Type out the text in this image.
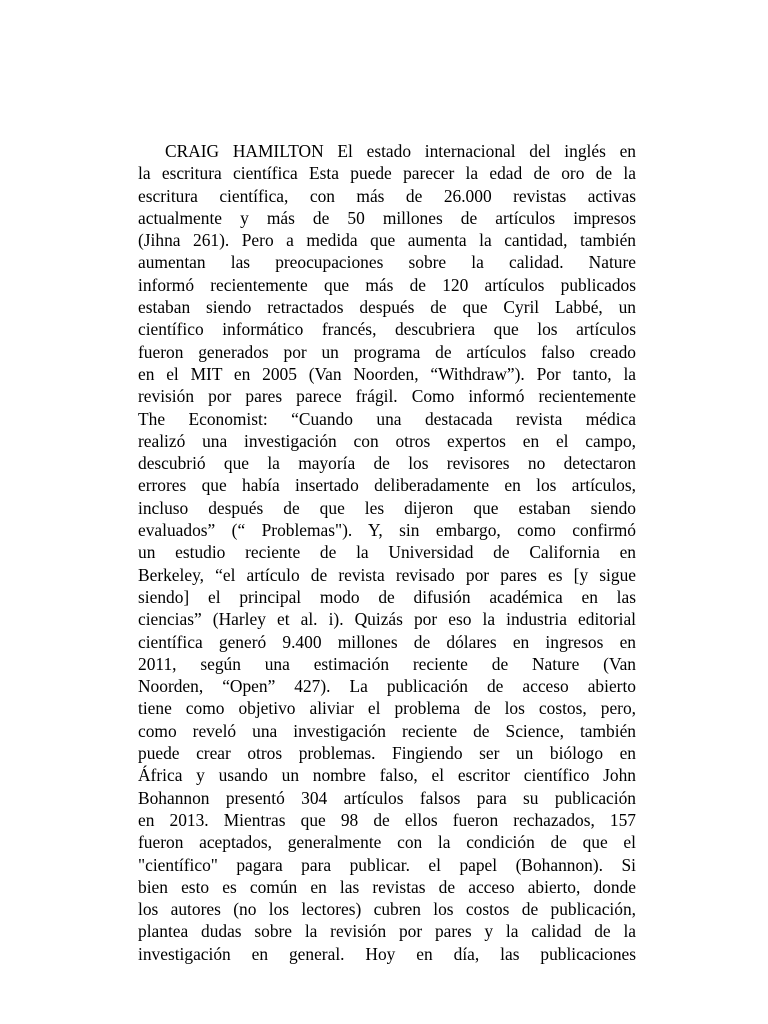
CRAIG HAMILTON El estado internacional del inglés en
la escritura científica Esta puede parecer la edad de oro de la
escritura científica, con más de 26.000 revistas activas
actualmente y más de 50 millones de artículos impresos
(Jihna 261). Pero a medida que aumenta la cantidad, también
aumentan las preocupaciones sobre la calidad. Nature
informó recientemente que más de 120 artículos publicados
estaban siendo retractados después de que Cyril Labbé, un
científico informático francés, descubriera que los artículos
fueron generados por un programa de artículos falso creado
en el MIT en 2005 (Van Noorden, “Withdraw”). Por tanto, la
revisión por pares parece frágil. Como informó recientemente
The Economist: “Cuando una destacada revista médica
realizó una investigación con otros expertos en el campo,
descubrió que la mayoría de los revisores no detectaron
errores que había insertado deliberadamente en los artículos,
incluso después de que les dijeron que estaban siendo
evaluados” (“ Problemas"). Y, sin embargo, como confirmó
un estudio reciente de la Universidad de California en
Berkeley, “el artículo de revista revisado por pares es [y sigue
siendo] el principal modo de difusión académica en las
ciencias” (Harley et al. i). Quizás por eso la industria editorial
científica generó 9.400 millones de dólares en ingresos en
2011, según una estimación reciente de Nature (Van
Noorden, “Open” 427). La publicación de acceso abierto
tiene como objetivo aliviar el problema de los costos, pero,
como reveló una investigación reciente de Science, también
puede crear otros problemas. Fingiendo ser un biólogo en
África y usando un nombre falso, el escritor científico John
Bohannon presentó 304 artículos falsos para su publicación
en 2013. Mientras que 98 de ellos fueron rechazados, 157
fueron aceptados, generalmente con la condición de que el
"científico" pagara para publicar. el papel (Bohannon). Si
bien esto es común en las revistas de acceso abierto, donde
los autores (no los lectores) cubren los costos de publicación,
plantea dudas sobre la revisión por pares y la calidad de la
investigación en general. Hoy en día, las publicaciones
